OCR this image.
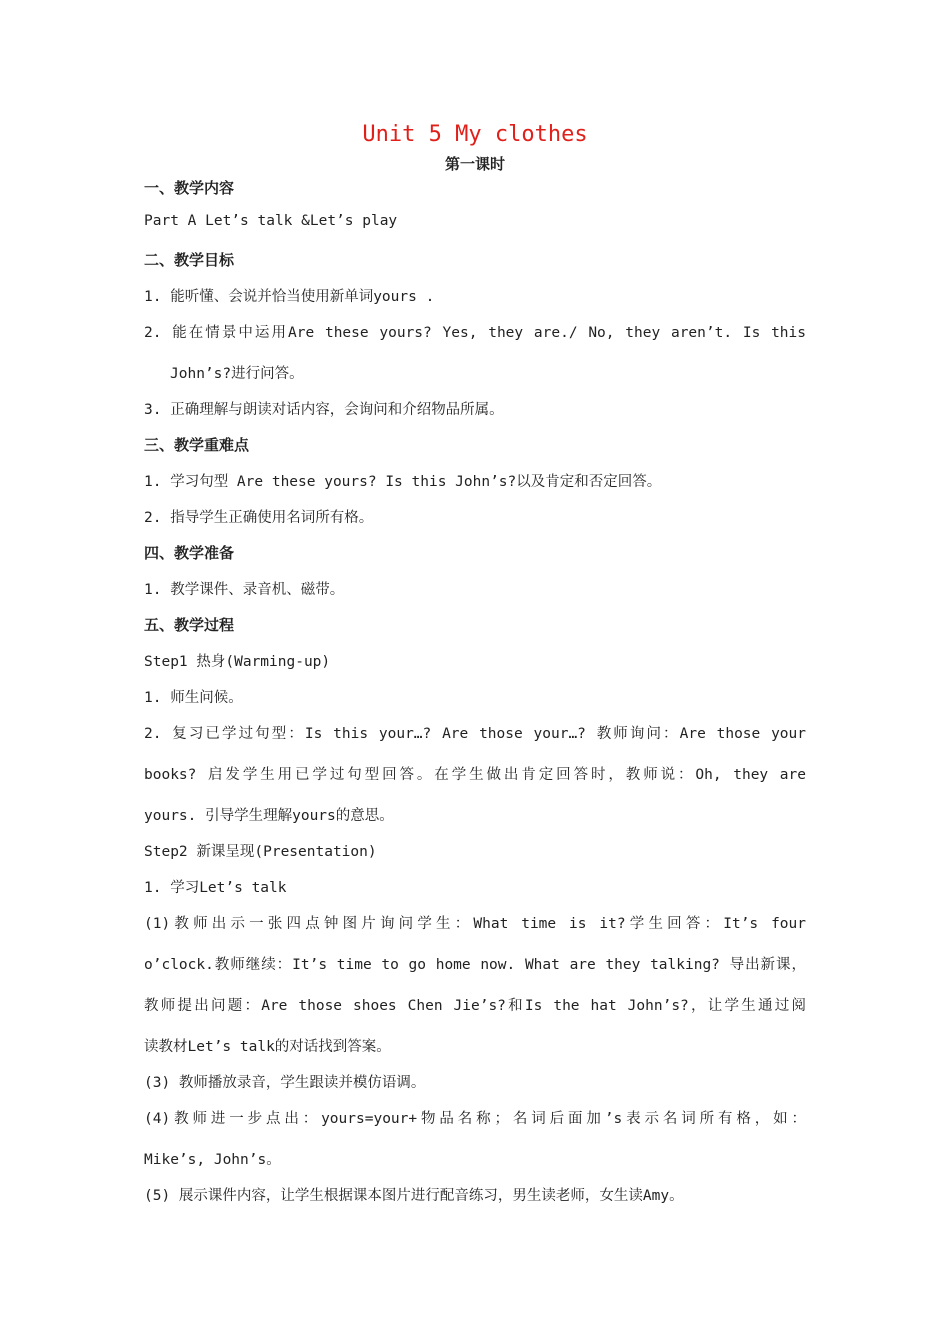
Unit 5 My clothes
第一课时
一、教学内容
Part A Let’s talk &Let’s play
二、教学目标
1. 能听懂、会说并恰当使用新单词yours .
2. 能在情景中运用Are these yours? Yes, they are./ No, they aren’t. Is this
John’s?进行问答。
3. 正确理解与朗读对话内容，会询问和介绍物品所属。
三、教学重难点
1. 学习句型 Are these yours? Is this John’s?以及肯定和否定回答。
2. 指导学生正确使用名词所有格。
四、教学准备
1. 教学课件、录音机、磁带。
五、教学过程
Step1 热身(Warming-up)
1. 师生问候。
2. 复习已学过句型：Is this your…? Are those your…? 教师询问：Are those your
books? 启发学生用已学过句型回答。在学生做出肯定回答时，教师说：Oh, they are
yours. 引导学生理解yours的意思。
Step2 新课呈现(Presentation)
1. 学习Let’s talk
(1)教师出示一张四点钟图片询问学生：What time is it?学生回答：It’s four
o’clock.教师继续：It’s time to go home now. What are they talking? 导出新课，
教师提出问题：Are those shoes Chen Jie’s?和Is the hat John’s?，让学生通过阅
读教材Let’s talk的对话找到答案。
(3) 教师播放录音，学生跟读并模仿语调。
(4)教师进一步点出：yours=your+物品名称；名词后面加’s表示名词所有格，如：
Mike’s, John’s。
(5) 展示课件内容，让学生根据课本图片进行配音练习，男生读老师，女生读Amy。
